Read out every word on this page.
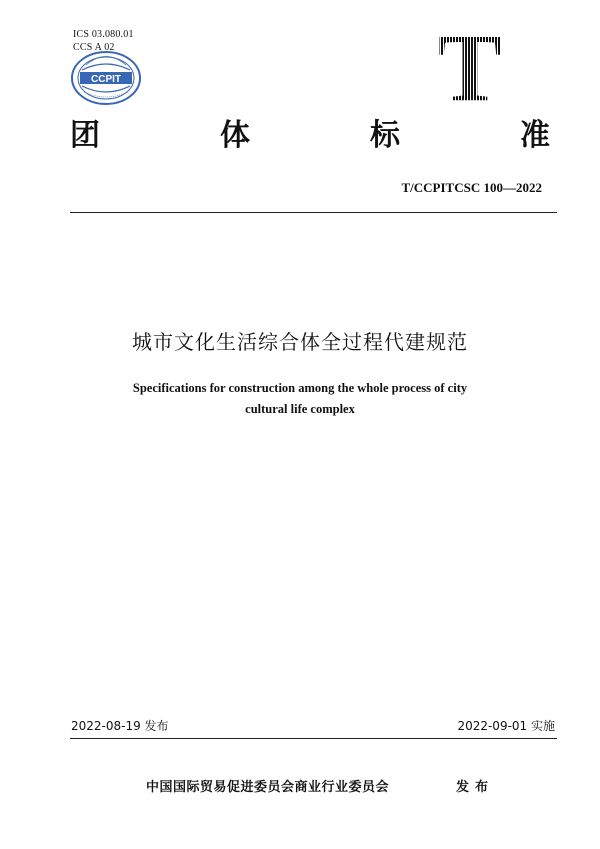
ICS 03.080.01
CCS A 02
CCPIT	T
团	体	标	准
T/CCPITCSC 100—2022
城市文化生活综合体全过程代建规范
Specifications for construction among the whole process of city
cultural life complex
2022-08-19 发布	2022-09-01 实施
中国国际贸易促进委员会商业行业委员会	发布
